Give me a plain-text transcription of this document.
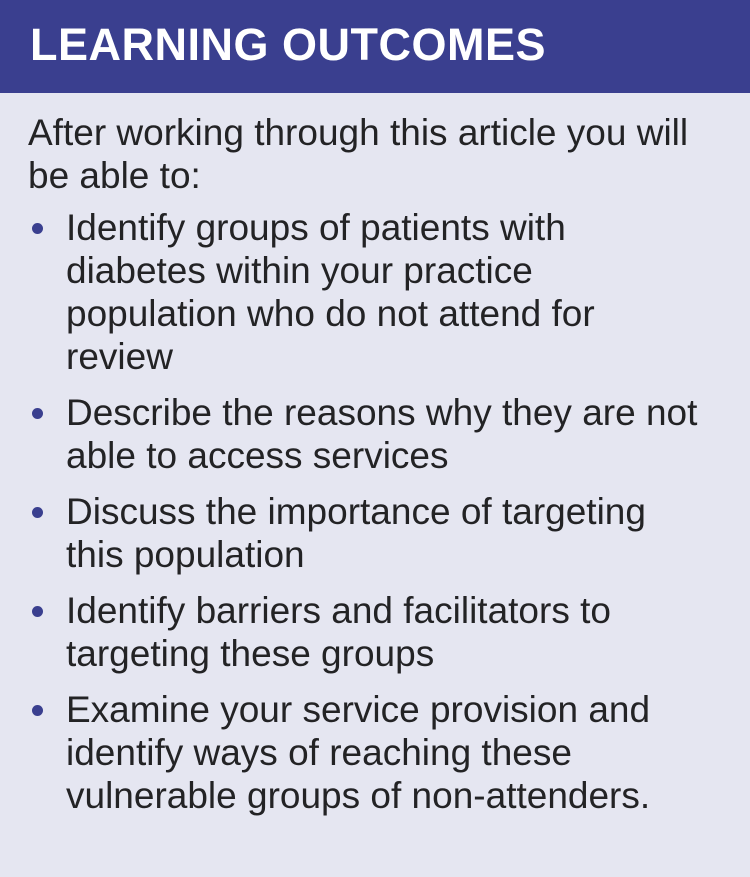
LEARNING OUTCOMES

After working through this article you will be able to:

Identify groups of patients with diabetes within your practice population who do not attend for review
Describe the reasons why they are not able to access services
Discuss the importance of targeting this population
Identify barriers and facilitators to targeting these groups
Examine your service provision and identify ways of reaching these vulnerable groups of non-attenders.
